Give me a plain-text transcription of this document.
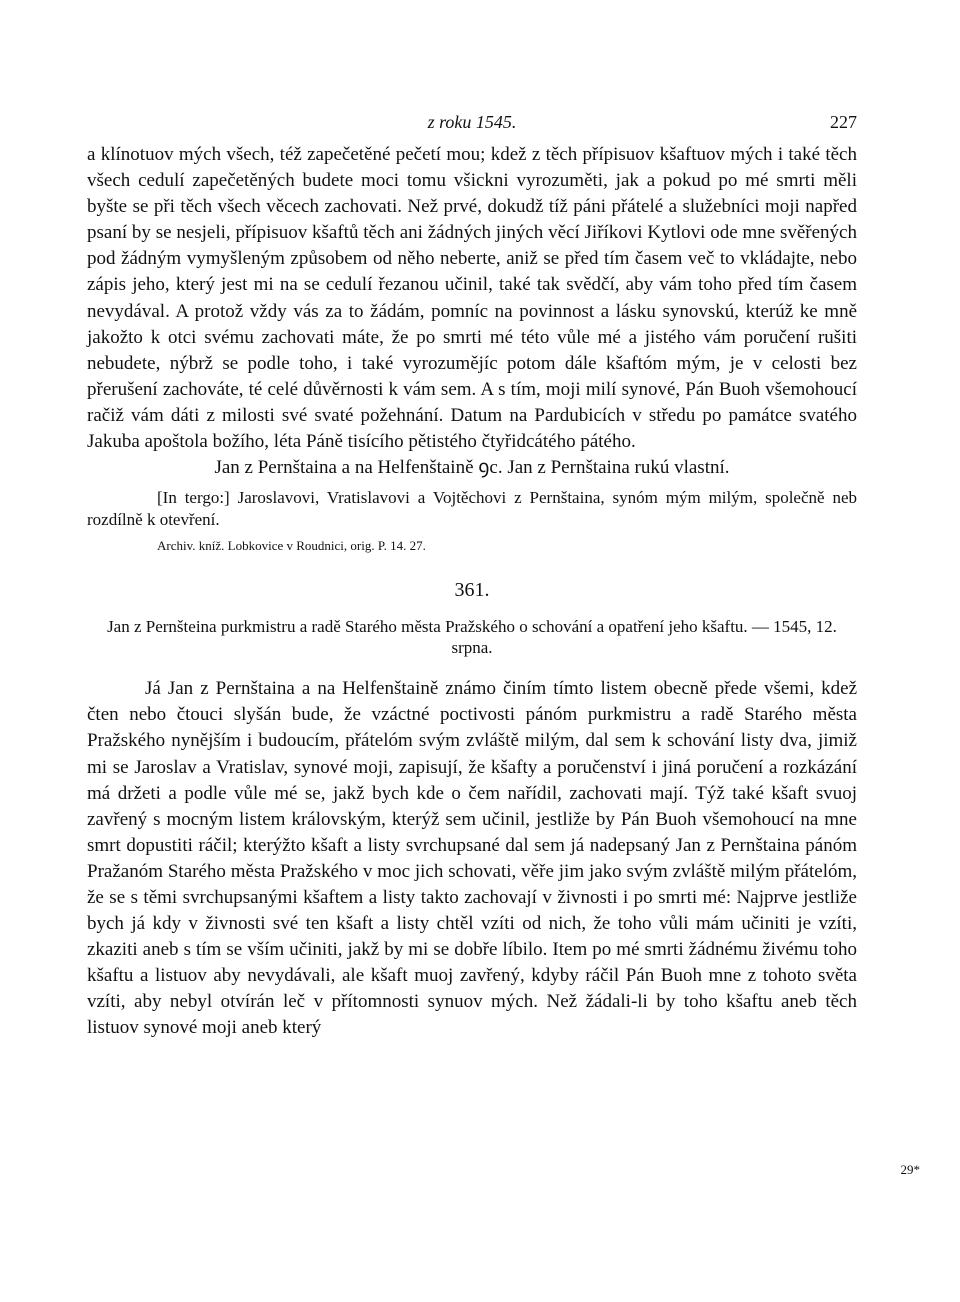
z roku 1545.	227

a klínotuov mých všech, též zapečetěné pečetí mou; kdež z těch přípisuov kšaftuov mých i také těch všech cedulí zapečetěných budete moci tomu všickni vyrozuměti, jak a pokud po mé smrti měli byšte se při těch všech věcech zachovati. Než prvé, dokudž tíž páni přátelé a služebníci moji napřed psaní by se nesjeli, přípisuov kšaftů těch ani žádných jiných věcí Jiříkovi Kytlovi ode mne svěřených pod žádným vymyšleným způsobem od něho neberte, aniž se před tím časem več to vkládajte, nebo zápis jeho, který jest mi na se cedulí řezanou učinil, také tak svědčí, aby vám toho před tím časem nevydával. A protož vždy vás za to žádám, pomníc na povinnost a lásku synovskú, kterúž ke mně jakožto k otci svému zachovati máte, že po smrti mé této vůle mé a jistého vám poručení rušiti nebudete, nýbrž se podle toho, i také vyrozumějíc potom dále kšaftóm mým, je v celosti bez přerušení zachováte, té celé důvěrnosti k vám sem. A s tím, moji milí synové, Pán Buoh všemohoucí račiž vám dáti z milosti své svaté požehnání. Datum na Pardubicích v středu po památce svatého Jakuba apoštola božího, léta Páně tisícího pětistého čtyřidcátého pátého.

Jan z Pernštaina a na Helfenštaině ꝯc. Jan z Pernštaina rukú vlastní.

[In tergo:] Jaroslavovi, Vratislavovi a Vojtěchovi z Pernštaina, synóm mým milým, společně neb rozdílně k otevření.

Archiv. kníž. Lobkovice v Roudnici, orig. P. 14. 27.

361.
Jan z Pernšteina purkmistru a radě Starého města Pražského o schování a opatření jeho kšaftu. — 1545, 12. srpna.

Já Jan z Pernštaina a na Helfenštaině známo činím tímto listem obecně přede všemi, kdež čten nebo čtouci slyšán bude, že vzáctné poctivosti pánóm purkmistru a radě Starého města Pražského nynějším i budoucím, přátelóm svým zvláště milým, dal sem k schování listy dva, jimiž mi se Jaroslav a Vratislav, synové moji, zapisují, že kšafty a poručenství i jiná poručení a rozkázání má držeti a podle vůle mé se, jakž bych kde o čem nařídil, zachovati mají. Týž také kšaft svuoj zavřený s mocným listem královským, kterýž sem učinil, jestliže by Pán Buoh všemohoucí na mne smrt dopustiti ráčil; kterýžto kšaft a listy svrchupsané dal sem já nadepsaný Jan z Pernštaina pánóm Pražanóm Starého města Pražského v moc jich schovati, věře jim jako svým zvláště milým přátelóm, že se s těmi svrchupsanými kšaftem a listy takto zachovají v živnosti i po smrti mé: Najprve jestliže bych já kdy v živnosti své ten kšaft a listy chtěl vzíti od nich, že toho vůli mám učiniti je vzíti, zkaziti aneb s tím se vším učiniti, jakž by mi se dobře líbilo. Item po mé smrti žádnému živému toho kšaftu a listuov aby nevydávali, ale kšaft muoj zavřený, kdyby ráčil Pán Buoh mne z tohoto světa vzíti, aby nebyl otvírán leč v přítomnosti synuov mých. Než žádali-li by toho kšaftu aneb těch listuov synové moji aneb který

29*
